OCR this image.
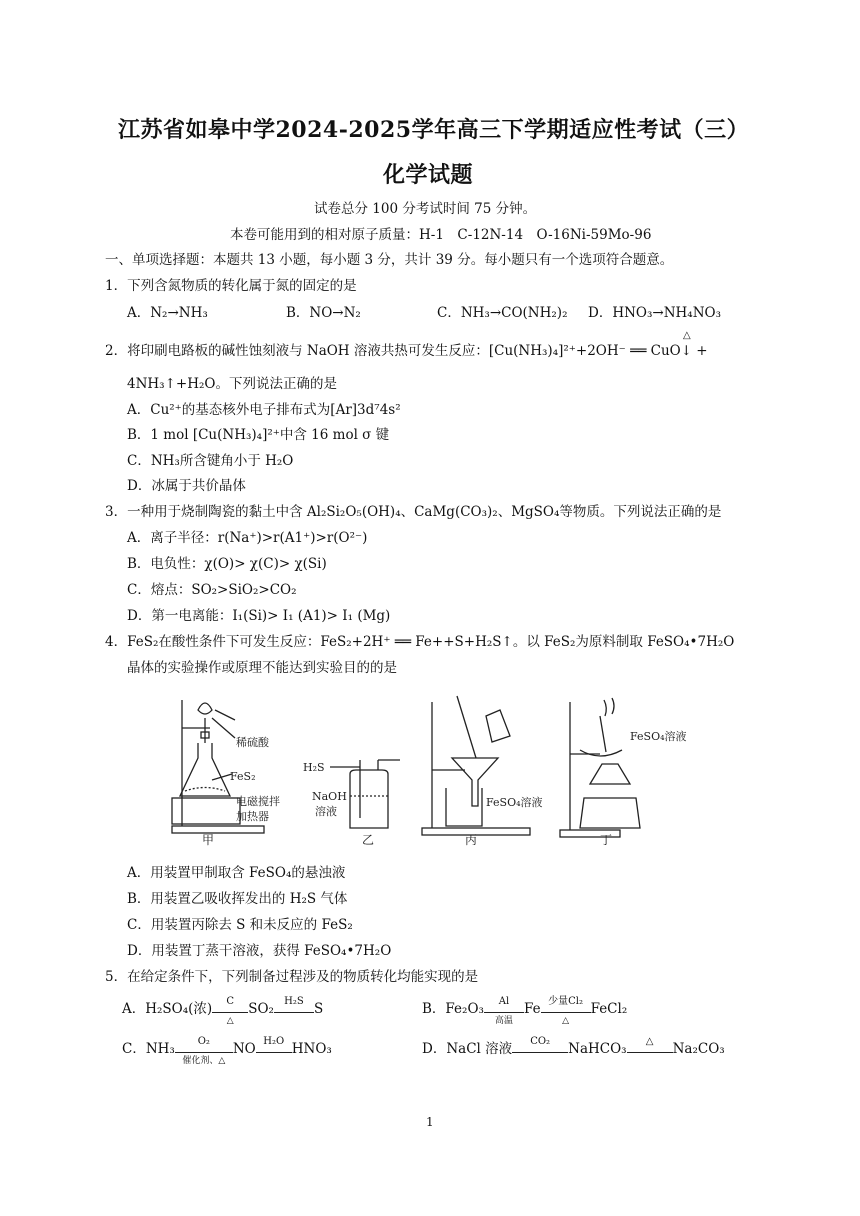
江苏省如皋中学2024-2025学年高三下学期适应性考试（三）
化学试题
试卷总分 100 分考试时间 75 分钟。
本卷可能用到的相对原子质量：H-1　C-12N-14　O-16Ni-59Mo-96
一、单项选择题：本题共 13 小题，每小题 3 分，共计 39 分。每小题只有一个选项符合题意。
1．下列含氮物质的转化属于氮的固定的是
A．N₂→NH₃	B．NO→N₂	C．NH₃→CO(NH₂)₂ D．HNO₃→NH₄NO₃
△
2．将印刷电路板的碱性蚀刻液与 NaOH 溶液共热可发生反应：[Cu(NH₃)₄]²⁺+2OH⁻ ══ CuO↓ +
4NH₃↑+H₂O。下列说法正确的是
A．Cu²⁺的基态核外电子排布式为[Ar]3d⁷4s²
B．1 mol [Cu(NH₃)₄]²⁺中含 16 mol σ 键
C．NH₃所含键角小于 H₂O
D．冰属于共价晶体
3．一种用于烧制陶瓷的黏土中含 Al₂Si₂O₅(OH)₄、CaMg(CO₃)₂、MgSO₄等物质。下列说法正确的是
A．离子半径：r(Na⁺)>r(A1⁺)>r(O²⁻)
B．电负性：χ(O)> χ(C)> χ(Si)
C．熔点：SO₂>SiO₂>CO₂
D．第一电离能：I₁(Si)> I₁ (A1)> I₁ (Mg)
4．FeS₂在酸性条件下可发生反应：FeS₂+2H⁺ ══ Fe++S+H₂S↑。以 FeS₂为原料制取 FeSO₄•7H₂O
晶体的实验操作或原理不能达到实验目的的是
稀硫酸
FeS₂
电磁搅拌
加热器
甲
H₂S
NaOH
溶液
乙
FeSO₄溶液
丙
FeSO₄溶液
丁
A．用装置甲制取含 FeSO₄的悬浊液
B．用装置乙吸收挥发出的 H₂S 气体
C．用装置丙除去 S 和未反应的 FeS₂
D．用装置丁蒸干溶液，获得 FeSO₄•7H₂O
5．在给定条件下，下列制备过程涉及的物质转化均能实现的是
A．H₂SO₄(浓)	C
△
SO₂	H₂S S	B．Fe₂O₃	Al
高温
Fe 少量Cl₂
△
FeCl₂
C．NH₃	O₂
催化剂、△
NO H₂O HNO₃	D．NaCl 溶液	CO₂	NaHCO₃	△	Na₂CO₃
1
